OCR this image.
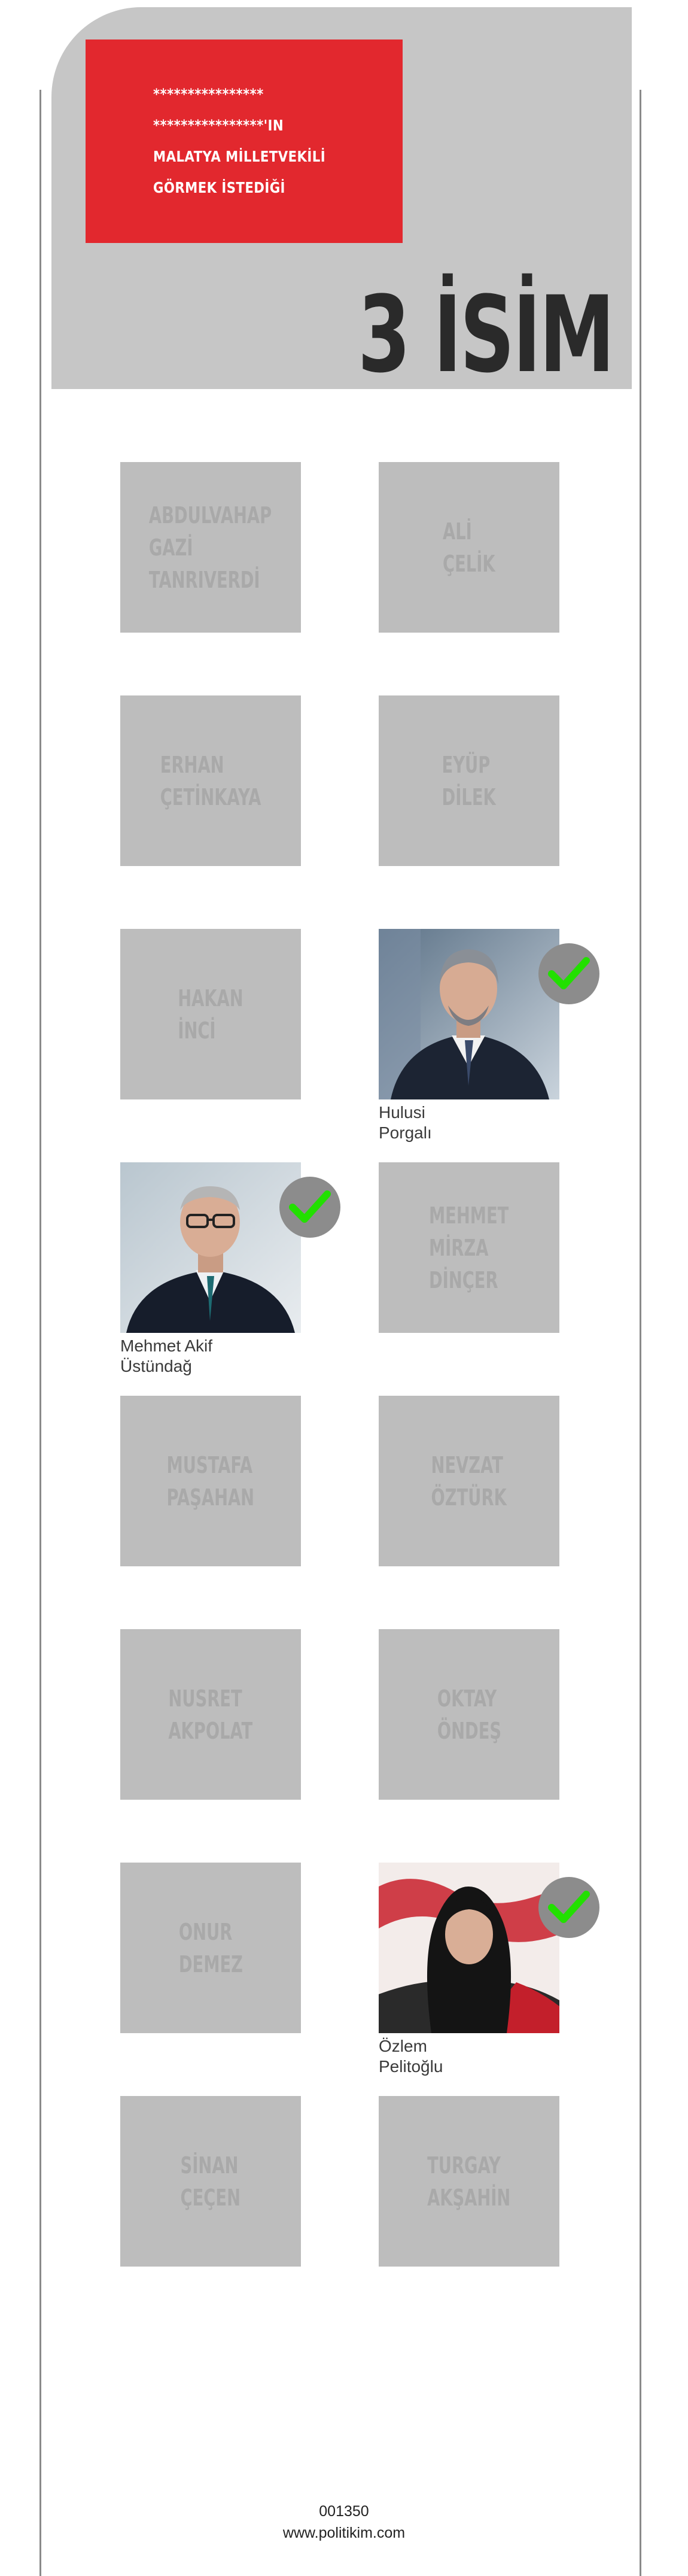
****************
****************'IN
MALATYA MİLLETVEKİLİ
GÖRMEK İSTEDİĞİ
3 İSİM
ABDULVAHAP
GAZİ
TANRIVERDİ
ALİ
ÇELİK
ERHAN
ÇETİNKAYA
EYÜP
DİLEK
HAKAN
İNCİ
Hulusi
Porgalı
Mehmet Akif
Üstündağ
MEHMET
MİRZA
DİNÇER
MUSTAFA
PAŞAHAN
NEVZAT
ÖZTÜRK
NUSRET
AKPOLAT
OKTAY
ÖNDEŞ
ONUR
DEMEZ
Özlem
Pelitoğlu
SİNAN
ÇEÇEN
TURGAY
AKŞAHİN
001350
www.politikim.com
